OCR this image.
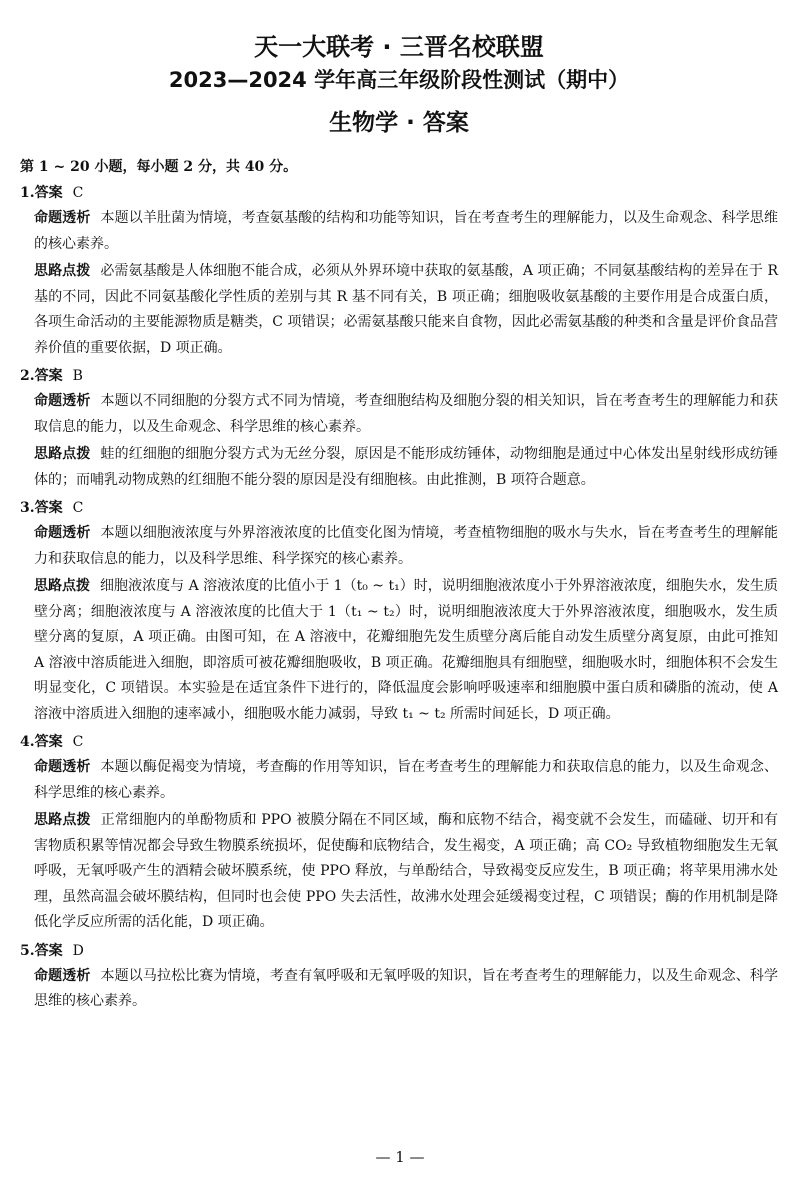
天一大联考 · 三晋名校联盟
2023—2024 学年高三年级阶段性测试（期中）
生物学 · 答案
第 1 ~ 20 小题，每小题 2 分，共 40 分。
1.答案 C
命题透析 本题以羊肚菌为情境，考查氨基酸的结构和功能等知识，旨在考查考生的理解能力，以及生命观念、科学思维的核心素养。
思路点拨 必需氨基酸是人体细胞不能合成，必须从外界环境中获取的氨基酸，A 项正确；不同氨基酸结构的差异在于 R 基的不同，因此不同氨基酸化学性质的差别与其 R 基不同有关，B 项正确；细胞吸收氨基酸的主要作用是合成蛋白质，各项生命活动的主要能源物质是糖类，C 项错误；必需氨基酸只能来自食物，因此必需氨基酸的种类和含量是评价食品营养价值的重要依据，D 项正确。
2.答案 B
命题透析 本题以不同细胞的分裂方式不同为情境，考查细胞结构及细胞分裂的相关知识，旨在考查考生的理解能力和获取信息的能力，以及生命观念、科学思维的核心素养。
思路点拨 蛙的红细胞的细胞分裂方式为无丝分裂，原因是不能形成纺锤体，动物细胞是通过中心体发出星射线形成纺锤体的；而哺乳动物成熟的红细胞不能分裂的原因是没有细胞核。由此推测，B 项符合题意。
3.答案 C
命题透析 本题以细胞液浓度与外界溶液浓度的比值变化图为情境，考查植物细胞的吸水与失水，旨在考查考生的理解能力和获取信息的能力，以及科学思维、科学探究的核心素养。
思路点拨 细胞液浓度与 A 溶液浓度的比值小于 1（t₀ ~ t₁）时，说明细胞液浓度小于外界溶液浓度，细胞失水，发生质壁分离；细胞液浓度与 A 溶液浓度的比值大于 1（t₁ ~ t₂）时，说明细胞液浓度大于外界溶液浓度，细胞吸水，发生质壁分离的复原，A 项正确。由图可知，在 A 溶液中，花瓣细胞先发生质壁分离后能自动发生质壁分离复原，由此可推知 A 溶液中溶质能进入细胞，即溶质可被花瓣细胞吸收，B 项正确。花瓣细胞具有细胞壁，细胞吸水时，细胞体积不会发生明显变化，C 项错误。本实验是在适宜条件下进行的，降低温度会影响呼吸速率和细胞膜中蛋白质和磷脂的流动，使 A 溶液中溶质进入细胞的速率减小，细胞吸水能力减弱，导致 t₁ ~ t₂ 所需时间延长，D 项正确。
4.答案 C
命题透析 本题以酶促褐变为情境，考查酶的作用等知识，旨在考查考生的理解能力和获取信息的能力，以及生命观念、科学思维的核心素养。
思路点拨 正常细胞内的单酚物质和 PPO 被膜分隔在不同区域，酶和底物不结合，褐变就不会发生，而磕碰、切开和有害物质积累等情况都会导致生物膜系统损坏，促使酶和底物结合，发生褐变，A 项正确；高 CO₂ 导致植物细胞发生无氧呼吸，无氧呼吸产生的酒精会破坏膜系统，使 PPO 释放，与单酚结合，导致褐变反应发生，B 项正确；将苹果用沸水处理，虽然高温会破坏膜结构，但同时也会使 PPO 失去活性，故沸水处理会延缓褐变过程，C 项错误；酶的作用机制是降低化学反应所需的活化能，D 项正确。
5.答案 D
命题透析 本题以马拉松比赛为情境，考查有氧呼吸和无氧呼吸的知识，旨在考查考生的理解能力，以及生命观念、科学思维的核心素养。
— 1 —
